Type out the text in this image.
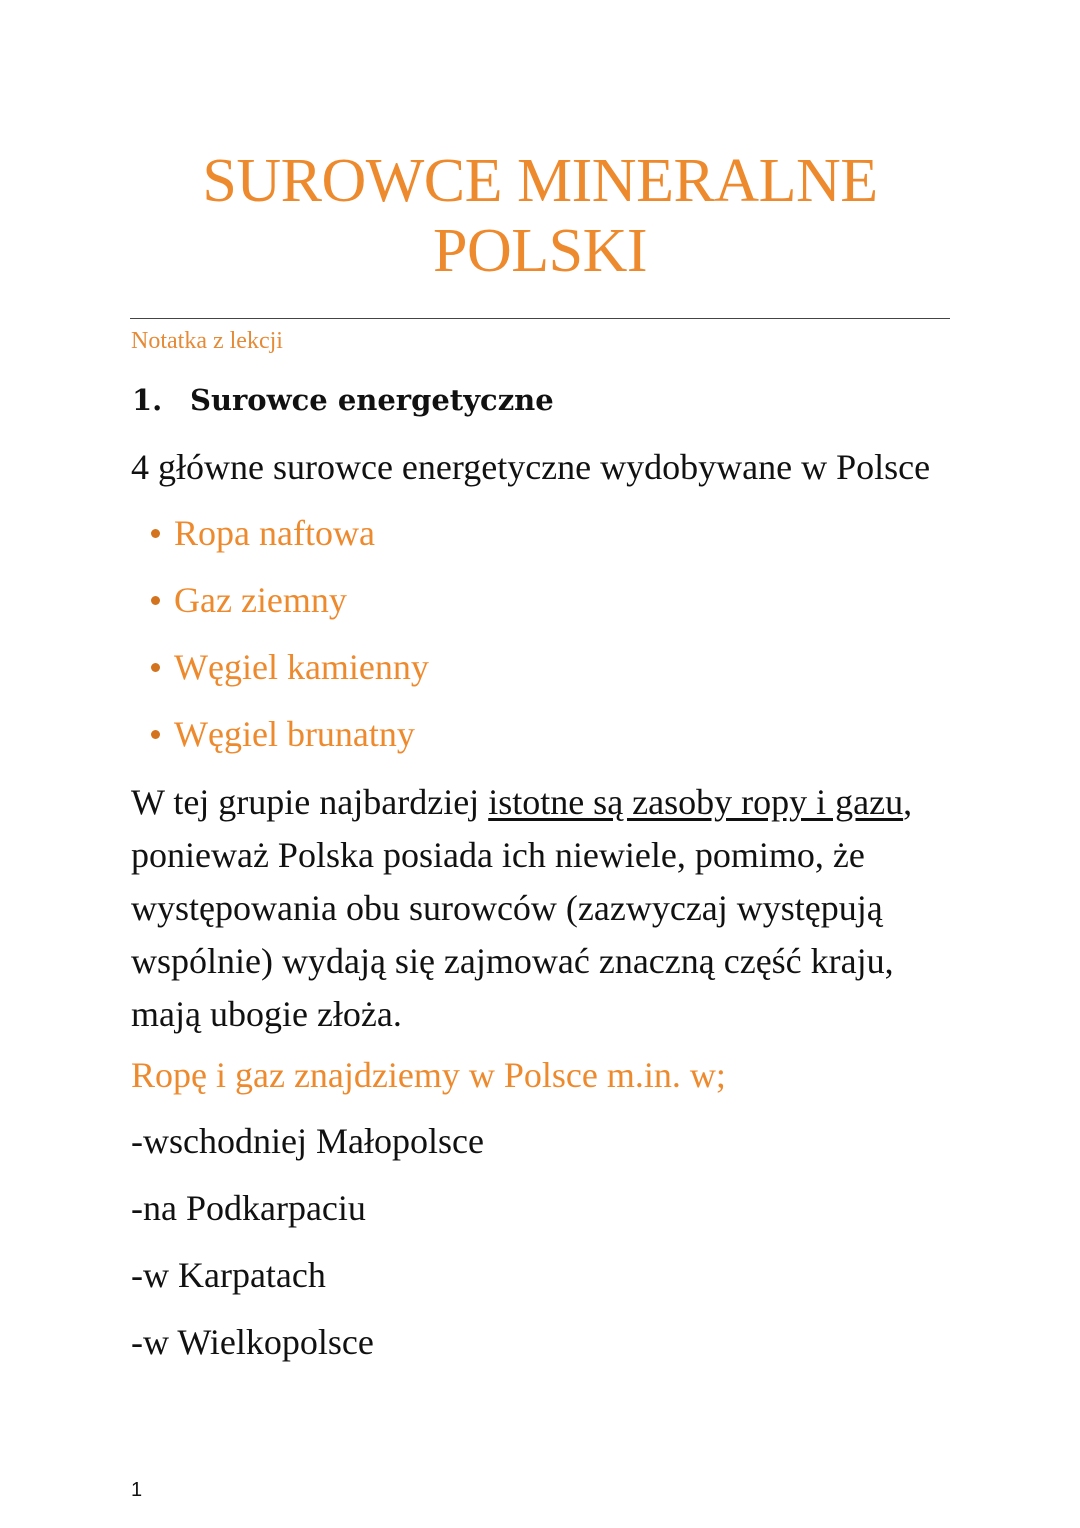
SUROWCE MINERALNE
POLSKI
Notatka z lekcji
1. Surowce energetyczne
4 główne surowce energetyczne wydobywane w Polsce
Ropa naftowa
Gaz ziemny
Węgiel kamienny
Węgiel brunatny
W tej grupie najbardziej istotne są zasoby ropy i gazu, ponieważ Polska posiada ich niewiele, pomimo, że występowania obu surowców (zazwyczaj występują wspólnie) wydają się zajmować znaczną część kraju, mają ubogie złoża.
Ropę i gaz znajdziemy w Polsce m.in. w;
-wschodniej Małopolsce
-na Podkarpaciu
-w Karpatach
-w Wielkopolsce
1
